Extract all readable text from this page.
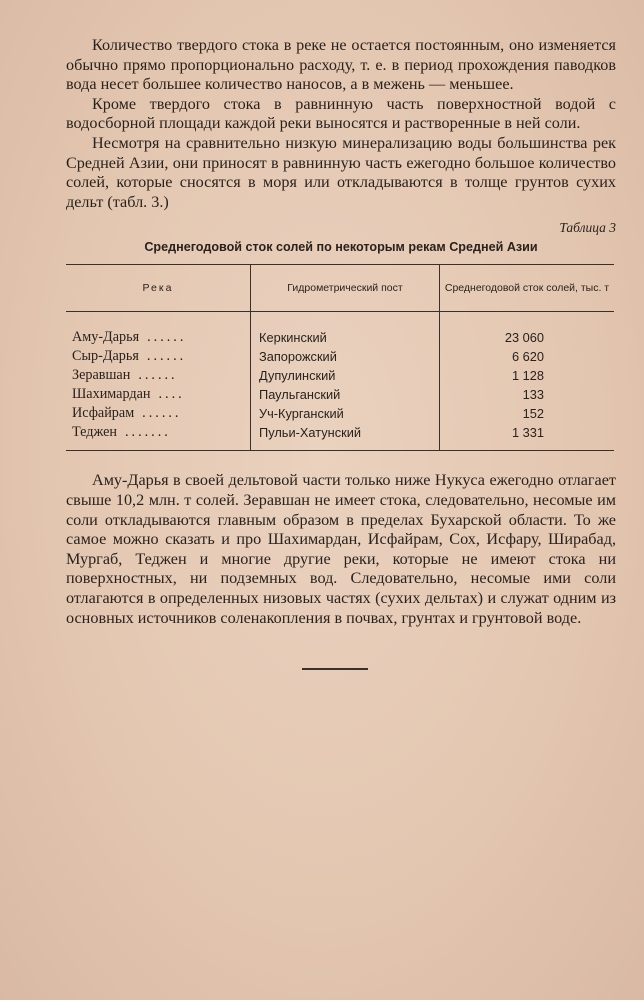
Количество твердого стока в реке не остается постоянным, оно изменяется обычно прямо пропорционально расходу, т. е. в период прохождения паводков вода несет большее количество наносов, а в межень — меньшее.

Кроме твердого стока в равнинную часть поверхностной водой с водосборной площади каждой реки выносятся и растворенные в ней соли.

Несмотря на сравнительно низкую минерализацию воды большинства рек Средней Азии, они приносят в равнинную часть ежегодно большое количество солей, которые сносятся в моря или откладываются в толще грунтов сухих дельт (табл. 3.)

Таблица 3
Среднегодовой сток солей по некоторым рекам Средней Азии
Река	Гидрометрический пост	Среднегодовой сток солей, тыс. т
Аму-Дарья ......	Керкинский	23 060
Сыр-Дарья ......	Запорожский	6 620
Зеравшан ......	Дупулинский	1 128
Шахимардан ....	Паульганский	133
Исфайрам ......	Уч-Курганский	152
Теджен .......	Пульи-Хатунский	1 331

Аму-Дарья в своей дельтовой части только ниже Нукуса ежегодно отлагает свыше 10,2 млн. т солей. Зеравшан не имеет стока, следовательно, несомые им соли откладываются главным образом в пределах Бухарской области. То же самое можно сказать и про Шахимардан, Исфайрам, Сох, Исфару, Ширабад, Мургаб, Теджен и многие другие реки, которые не имеют стока ни поверхностных, ни подземных вод. Следовательно, несомые ими соли отлагаются в определенных низовых частях (сухих дельтах) и служат одним из основных источников соленакопления в почвах, грунтах и грунтовой воде.
